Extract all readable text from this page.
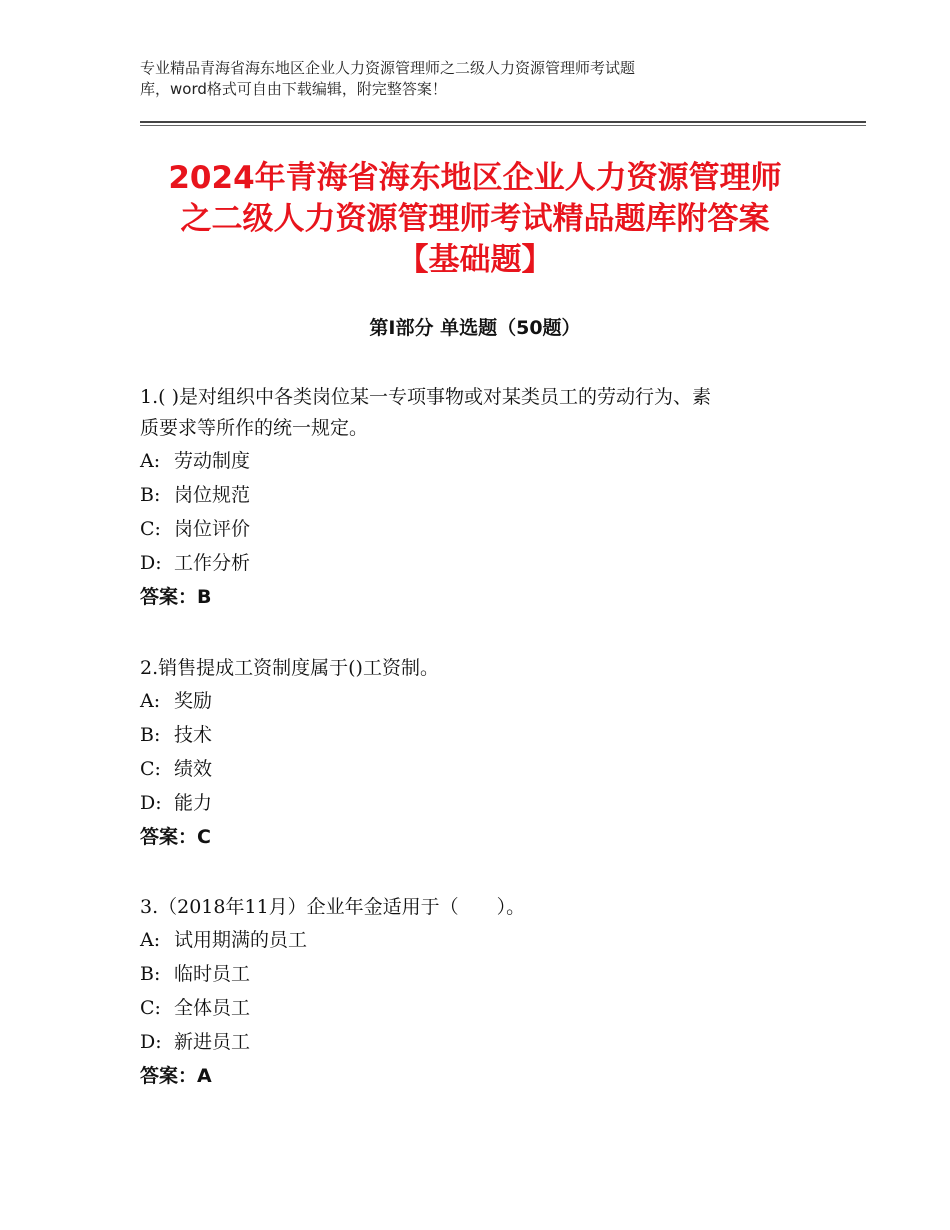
专业精品青海省海东地区企业人力资源管理师之二级人力资源管理师考试题
库，word格式可自由下载编辑，附完整答案！
2024年青海省海东地区企业人力资源管理师
之二级人力资源管理师考试精品题库附答案
【基础题】
第Ⅰ部分 单选题（50题）

1.( )是对组织中各类岗位某一专项事物或对某类员工的劳动行为、素
质要求等所作的统一规定。

A: 劳动制度

B: 岗位规范

C: 岗位评价

D: 工作分析

答案：B

2.销售提成工资制度属于()工资制。

A: 奖励

B: 技术

C: 绩效

D: 能力

答案：C

3.（2018年11月）企业年金适用于（　　）。

A: 试用期满的员工

B: 临时员工

C: 全体员工

D: 新进员工

答案：A
